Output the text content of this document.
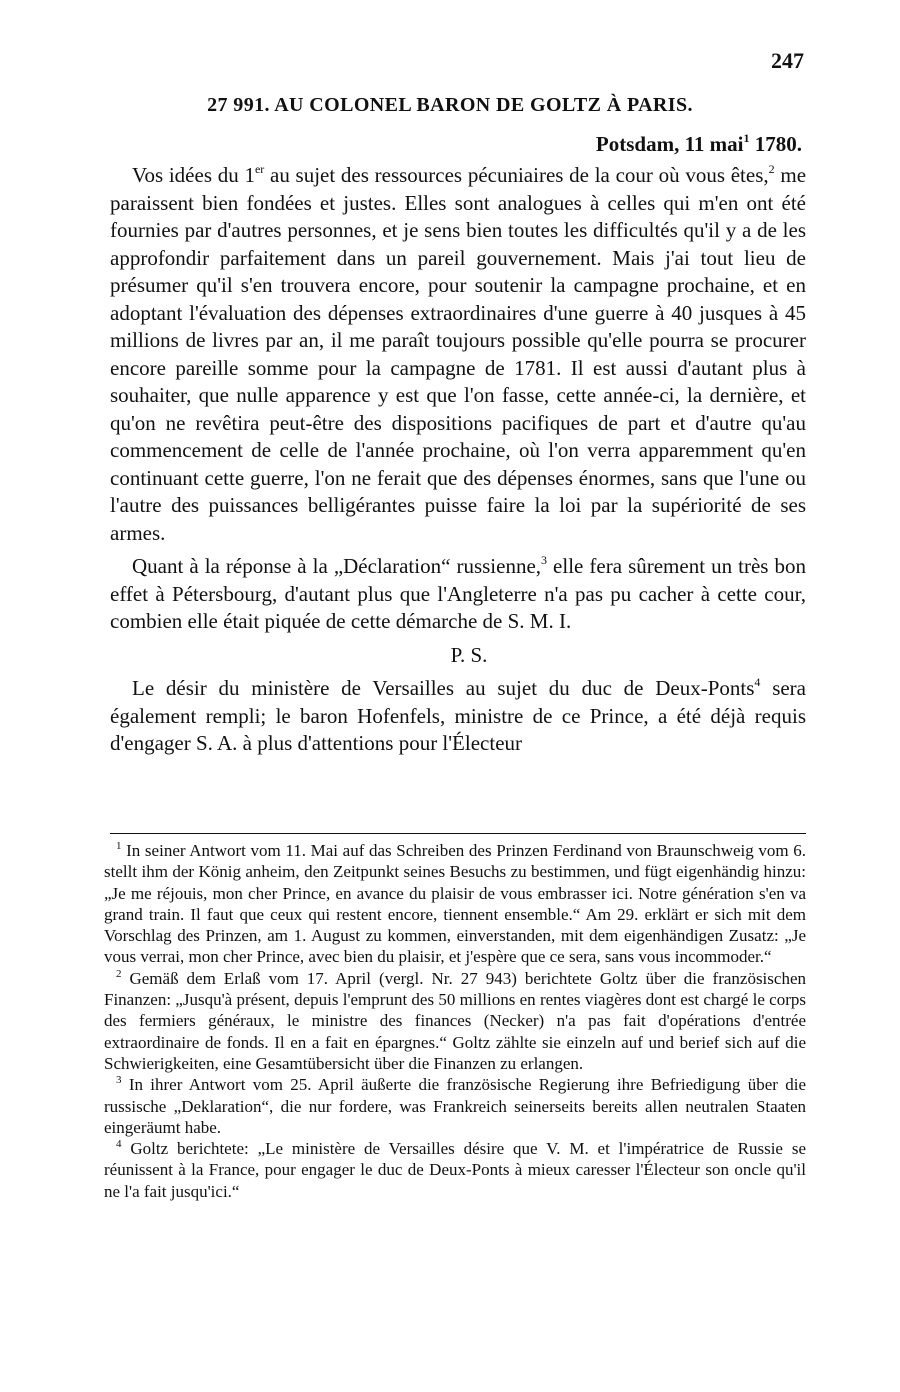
247

27 991. AU COLONEL BARON DE GOLTZ À PARIS.

Potsdam, 11 mai$^1$ 1780.

Vos idées du 1er au sujet des ressources pécuniaires de la cour où vous êtes,$^2$ me paraissent bien fondées et justes. Elles sont analogues à celles qui m'en ont été fournies par d'autres personnes, et je sens bien toutes les difficultés qu'il y a de les approfondir parfaitement dans un pareil gouvernement. Mais j'ai tout lieu de présumer qu'il s'en trouvera encore, pour soutenir la campagne prochaine, et en adoptant l'évaluation des dépenses extraordinaires d'une guerre à 40 jusques à 45 millions de livres par an, il me paraît toujours possible qu'elle pourra se procurer encore pareille somme pour la campagne de 1781. Il est aussi d'autant plus à souhaiter, que nulle apparence y est que l'on fasse, cette année-ci, la dernière, et qu'on ne revêtira peut-être des dispositions pacifiques de part et d'autre qu'au commencement de celle de l'année prochaine, où l'on verra apparemment qu'en continuant cette guerre, l'on ne ferait que des dépenses énormes, sans que l'une ou l'autre des puissances belligérantes puisse faire la loi par la supériorité de ses armes.

Quant à la réponse à la „Déclaration“ russienne,$^3$ elle fera sûrement un très bon effet à Pétersbourg, d'autant plus que l'Angleterre n'a pas pu cacher à cette cour, combien elle était piquée de cette démarche de S. M. I.

P. S.

Le désir du ministère de Versailles au sujet du duc de Deux-Ponts$^4$ sera également rempli; le baron Hofenfels, ministre de ce Prince, a été déjà requis d'engager S. A. à plus d'attentions pour l'Électeur

$^1$ In seiner Antwort vom 11. Mai auf das Schreiben des Prinzen Ferdinand von Braunschweig vom 6. stellt ihm der König anheim, den Zeitpunkt seines Besuchs zu bestimmen, und fügt eigenhändig hinzu: „Je me réjouis, mon cher Prince, en avance du plaisir de vous embrasser ici. Notre génération s'en va grand train. Il faut que ceux qui restent encore, tiennent ensemble.“ Am 29. erklärt er sich mit dem Vorschlag des Prinzen, am 1. August zu kommen, einverstanden, mit dem eigenhändigen Zusatz: „Je vous verrai, mon cher Prince, avec bien du plaisir, et j'espère que ce sera, sans vous incommoder.“

$^2$ Gemäß dem Erlaß vom 17. April (vergl. Nr. 27 943) berichtete Goltz über die französischen Finanzen: „Jusqu'à présent, depuis l'emprunt des 50 millions en rentes viagères dont est chargé le corps des fermiers généraux, le ministre des finances (Necker) n'a pas fait d'opérations d'entrée extraordinaire de fonds. Il en a fait en épargnes.“ Goltz zählte sie einzeln auf und berief sich auf die Schwierigkeiten, eine Gesamtübersicht über die Finanzen zu erlangen.

$^3$ In ihrer Antwort vom 25. April äußerte die französische Regierung ihre Befriedigung über die russische „Deklaration“, die nur fordere, was Frankreich seinerseits bereits allen neutralen Staaten eingeräumt habe.

$^4$ Goltz berichtete: „Le ministère de Versailles désire que V. M. et l'impératrice de Russie se réunissent à la France, pour engager le duc de Deux-Ponts à mieux caresser l'Électeur son oncle qu'il ne l'a fait jusqu'ici.“
